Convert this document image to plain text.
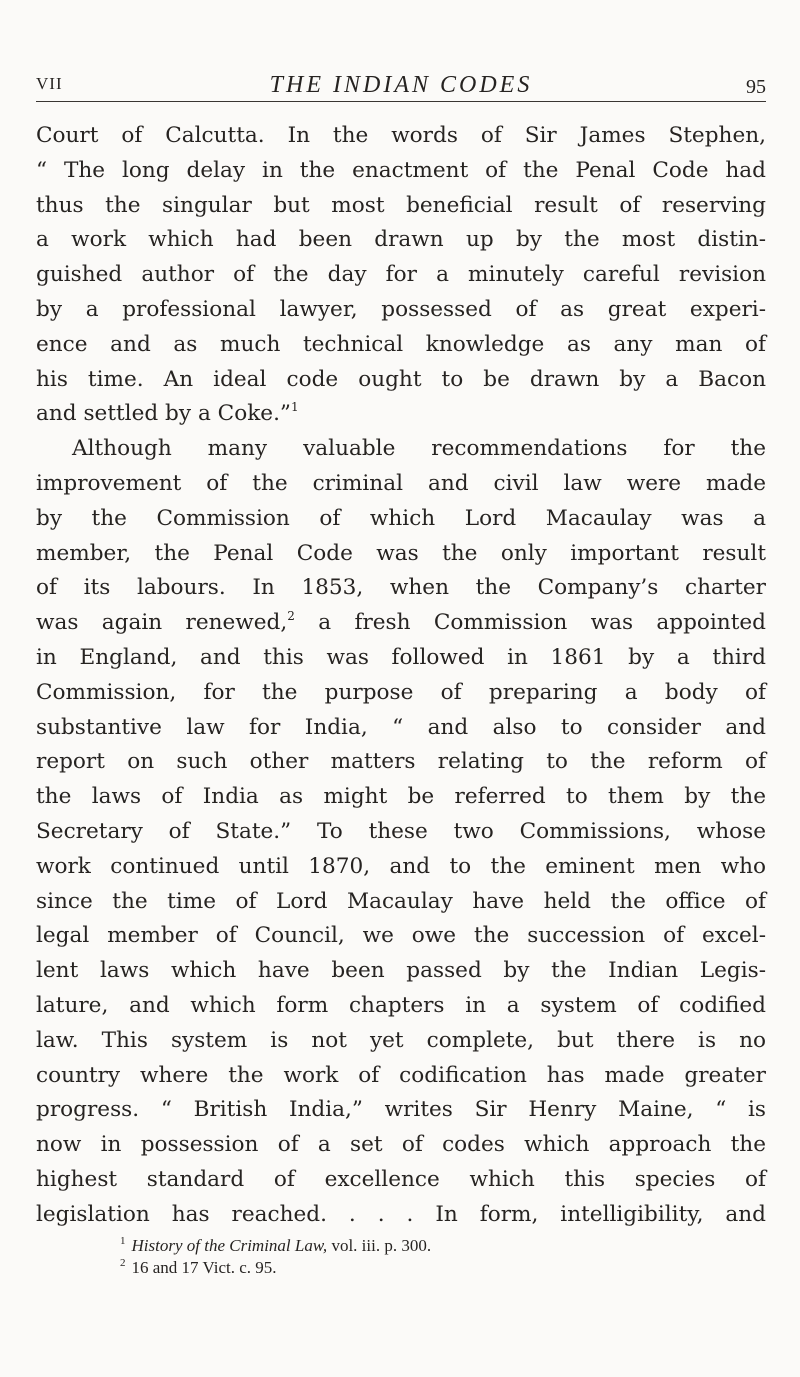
VII	THE INDIAN CODES	95
Court of Calcutta. In the words of Sir James Stephen,
“ The long delay in the enactment of the Penal Code had
thus the singular but most beneficial result of reserving
a work which had been drawn up by the most distin-
guished author of the day for a minutely careful revision
by a professional lawyer, possessed of as great experi-
ence and as much technical knowledge as any man of
his time. An ideal code ought to be drawn by a Bacon
and settled by a Coke.”$^1$
Although many valuable recommendations for the
improvement of the criminal and civil law were made
by the Commission of which Lord Macaulay was a
member, the Penal Code was the only important result
of its labours. In 1853, when the Company’s charter
was again renewed,$^2$ a fresh Commission was appointed
in England, and this was followed in 1861 by a third
Commission, for the purpose of preparing a body of
substantive law for India, “ and also to consider and
report on such other matters relating to the reform of
the laws of India as might be referred to them by the
Secretary of State.” To these two Commissions, whose
work continued until 1870, and to the eminent men who
since the time of Lord Macaulay have held the office of
legal member of Council, we owe the succession of excel-
lent laws which have been passed by the Indian Legis-
lature, and which form chapters in a system of codified
law. This system is not yet complete, but there is no
country where the work of codification has made greater
progress. “ British India,” writes Sir Henry Maine, “ is
now in possession of a set of codes which approach the
highest standard of excellence which this species of
legislation has reached. . . . In form, intelligibility, and
$^1$ History of the Criminal Law, vol. iii. p. 300.
$^2$ 16 and 17 Vict. c. 95.
